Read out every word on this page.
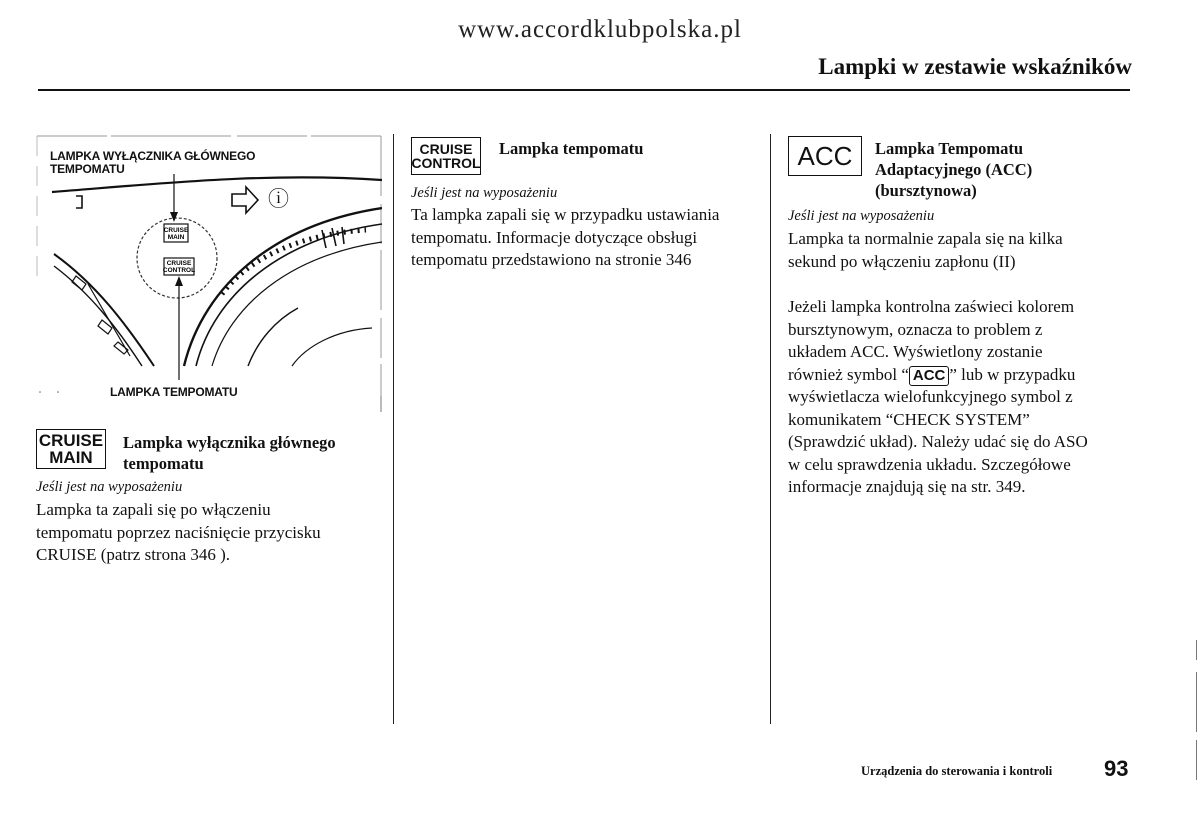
www.accordklubpolska.pl
Lampki w zestawie wskaźników
CRUISE
MAIN
CRUISE
CONTROL
LAMPKA WYŁĄCZNIKA GŁÓWNEGO
TEMPOMATU
ⓘ
LAMPKA TEMPOMATU
CRUISE
MAIN
Lampka wyłącznika głównego
tempomatu
Jeśli jest na wyposażeniu
Lampka ta zapali się po włączeniu
tempomatu poprzez naciśnięcie przycisku
CRUISE (patrz strona 346 ).
CRUISE
CONTROL
Lampka tempomatu
Jeśli jest na wyposażeniu
Ta lampka zapali się w przypadku ustawiania
tempomatu. Informacje dotyczące obsługi
tempomatu przedstawiono na stronie 346
ACC Lampka Tempomatu
Adaptacyjnego (ACC)
(bursztynowa)
Jeśli jest na wyposażeniu
Lampka ta normalnie zapala się na kilka
sekund po włączeniu zapłonu (II)
Jeżeli lampka kontrolna zaświeci kolorem
bursztynowym, oznacza to problem z
układem ACC. Wyświetlony zostanie
również symbol “ ACC ” lub w przypadku
wyświetlacza wielofunkcyjnego symbol z
komunikatem “CHECK SYSTEM”
(Sprawdzić układ). Należy udać się do ASO
w celu sprawdzenia układu. Szczegółowe
informacje znajdują się na str. 349.
Urządzenia do sterowania i kontroli 93
